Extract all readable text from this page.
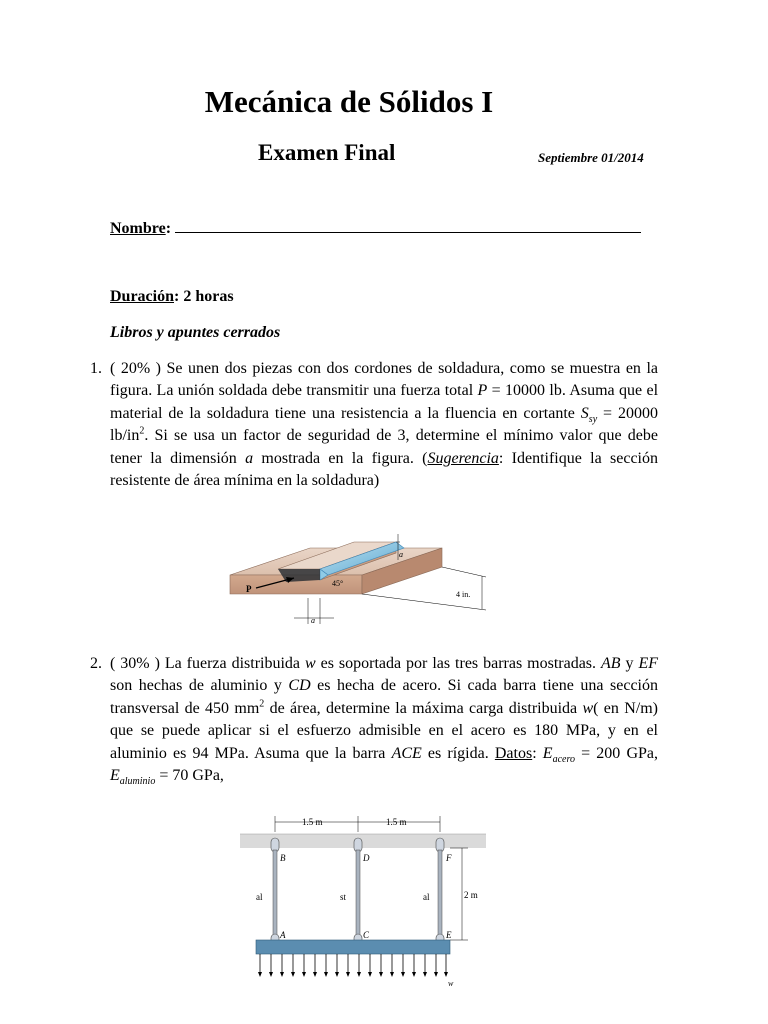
Mecánica de Sólidos I
Examen Final	Septiembre 01/2014
Nombre:
Duración: 2 horas
Libros y apuntes cerrados
1. ( 20% ) Se unen dos piezas con dos cordones de soldadura, como se muestra en la figura. La unión soldada debe transmitir una fuerza total P = 10000 lb. Asuma que el material de la soldadura tiene una resistencia a la fluencia en cortante $S_{sy} = 20000$ $lb/in^2$. Si se usa un factor de seguridad de 3, determine el mínimo valor que debe tener la dimensión a mostrada en la figura. (Sugerencia: Identifique la sección resistente de área mínima en la soldadura)
P
45°
a
a
4 in.
2. ( 30% ) La fuerza distribuida w es soportada por las tres barras mostradas. AB y EF son hechas de aluminio y CD es hecha de acero. Si cada barra tiene una sección transversal de 450 $mm^2$ de área, determine la máxima carga distribuida w( en N/m) que se puede aplicar si el esfuerzo admisible en el acero es 180 MPa, y en el aluminio es 94 MPa. Asuma que la barra ACE es rígida. Datos: $E_{acero} = 200$ GPa, $E_{aluminio} = 70$ GPa,
1.5 m	1.5 m
2 m
B	D	F
A	C	E
al	st	al
w
